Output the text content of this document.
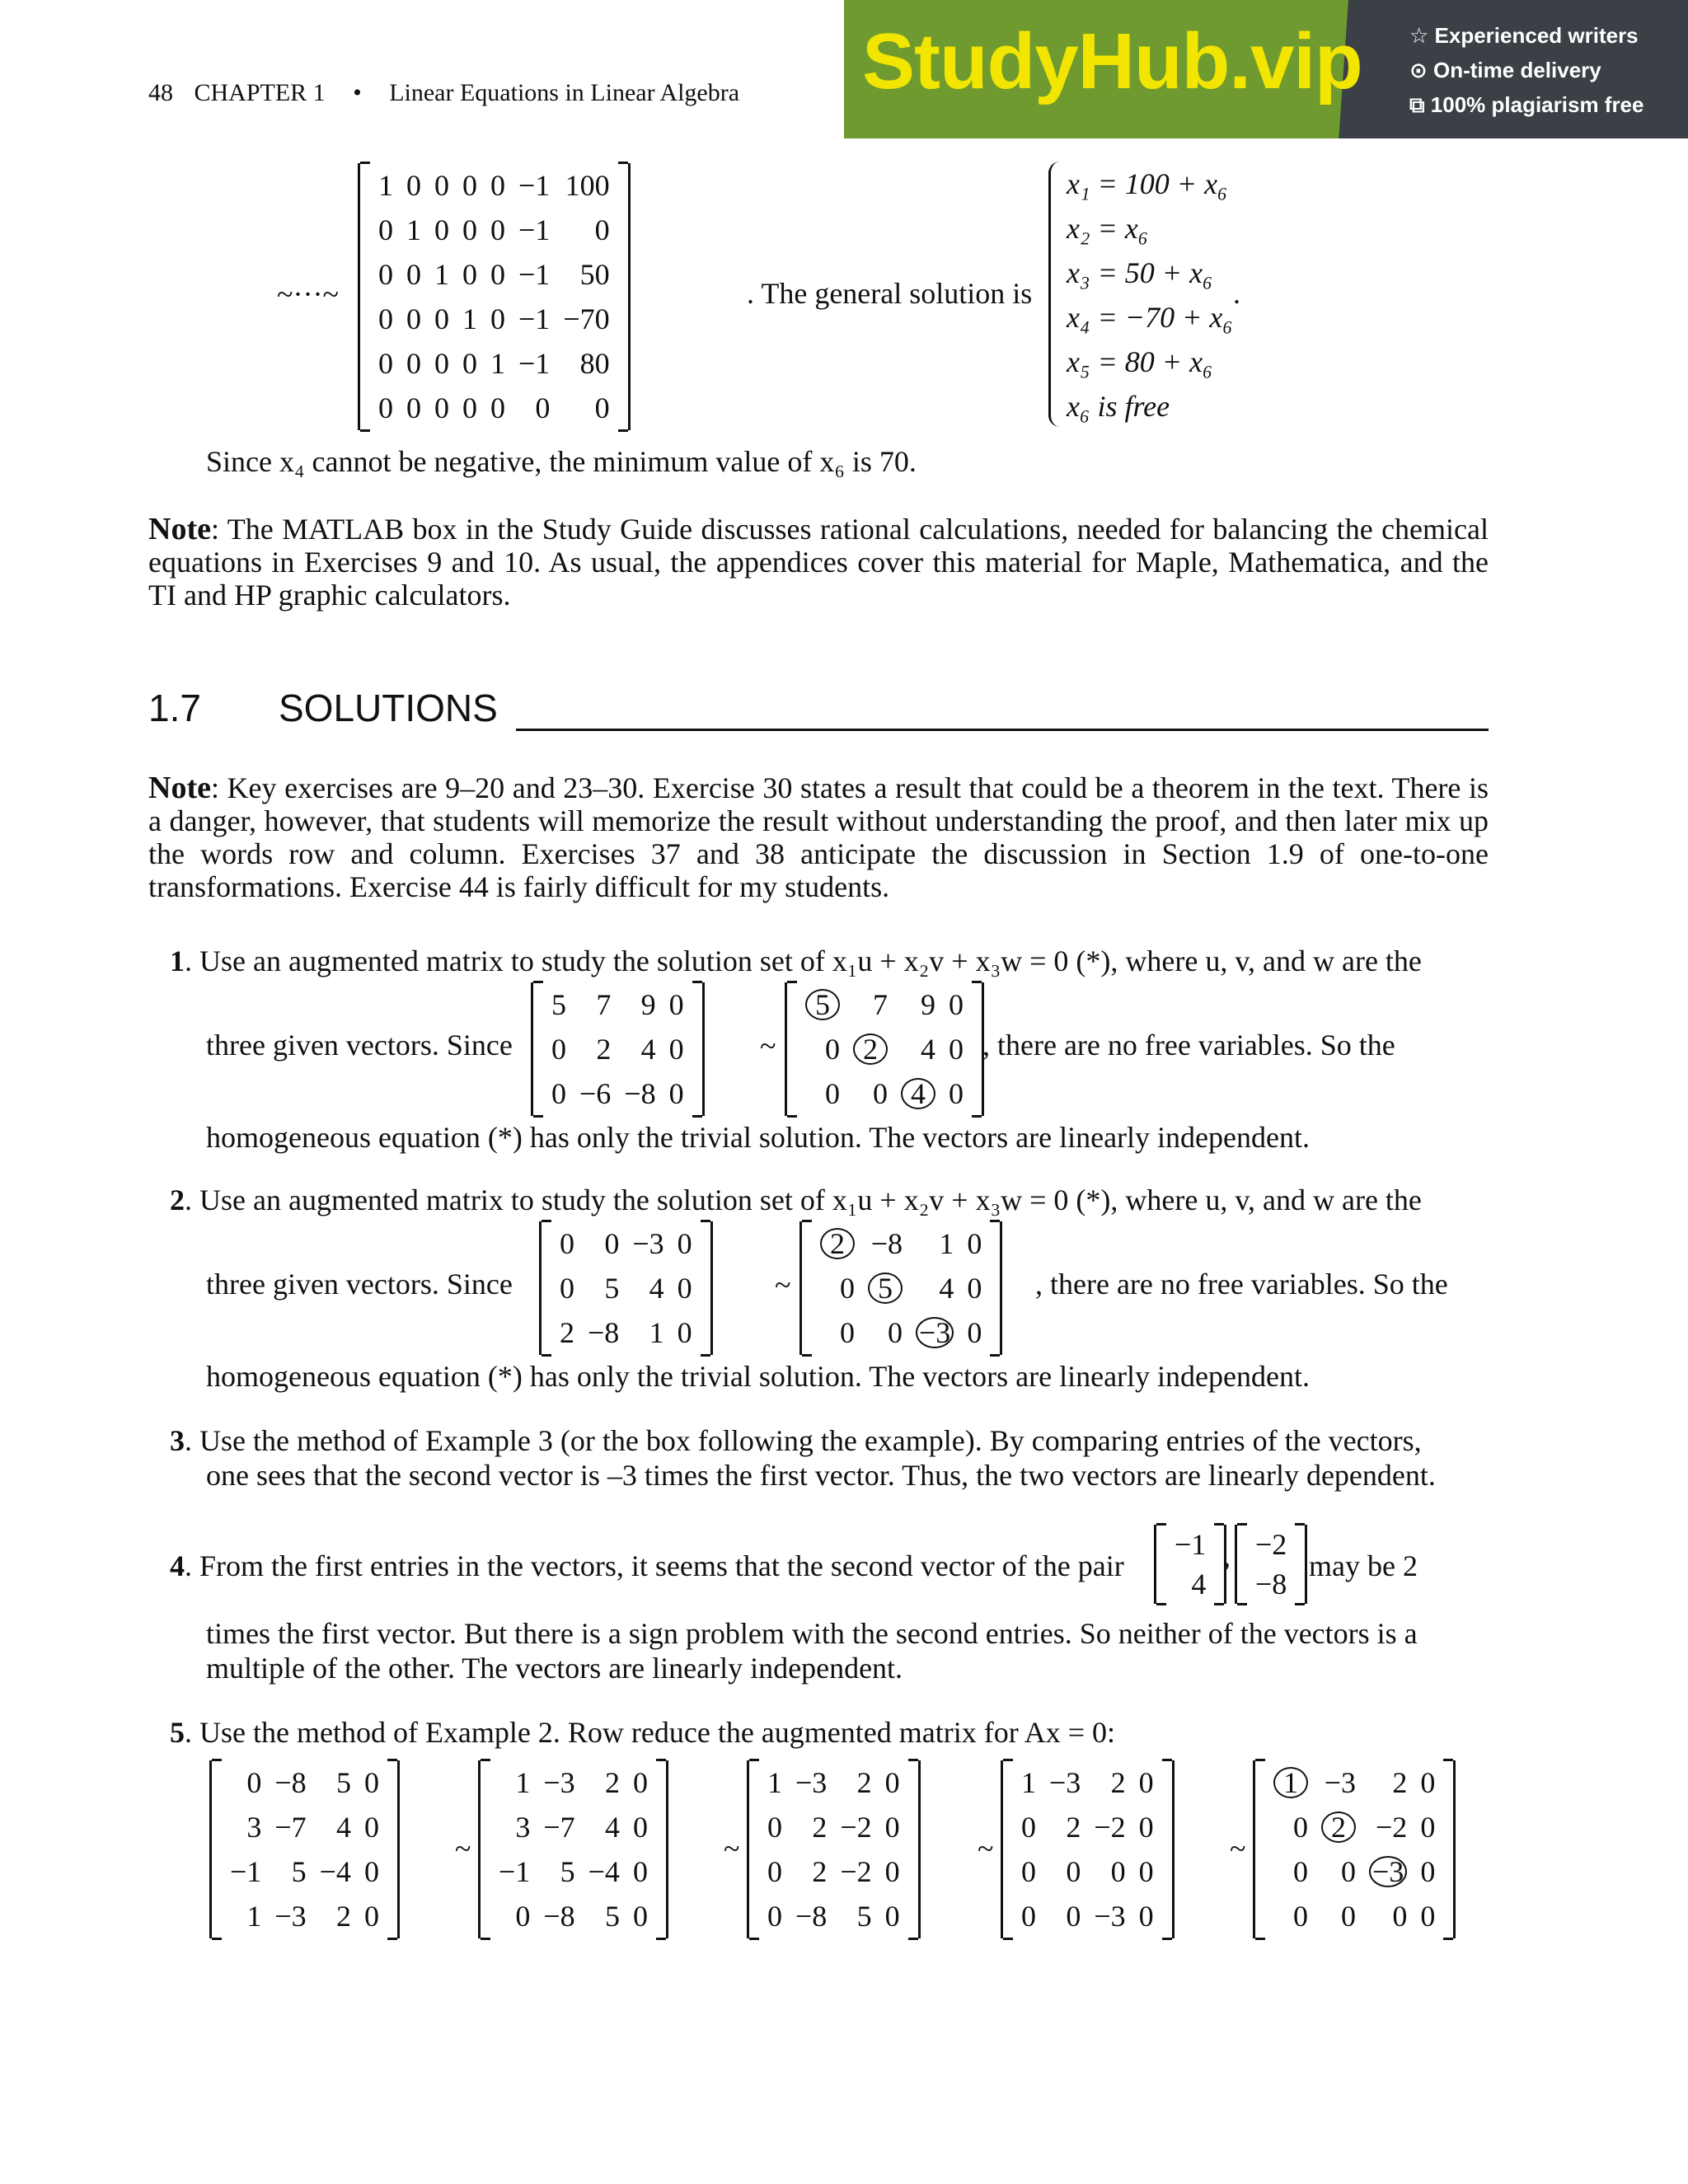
StudyHub.vip ☆ Experienced writers
⊙ On-time delivery
⧉ 100% plagiarism free
48 CHAPTER 1 • Linear Equations in Linear Algebra
~···~
1	0	0	0	0	−1	100
0	1	0	0	0	−1	0
0	0	1	0	0	−1	50
0	0	0	1	0	−1	−70
0	0	0	0	1	−1	80
0	0	0	0	0	0	0
. The general solution is
x₁ = 100 + x₆
x₂ = x₆
x₃ = 50 + x₆
x₄ = −70 + x₆
x₅ = 80 + x₆
x₆ is free
.
Since x₄ cannot be negative, the minimum value of x₆ is 70.
Note: The MATLAB box in the Study Guide discusses rational calculations, needed for balancing the chemical equations in Exercises 9 and 10. As usual, the appendices cover this material for Maple, Mathematica, and the TI and HP graphic calculators.
1.7 SOLUTIONS
Note: Key exercises are 9–20 and 23–30. Exercise 30 states a result that could be a theorem in the text. There is a danger, however, that students will memorize the result without understanding the proof, and then later mix up the words row and column. Exercises 37 and 38 anticipate the discussion in Section 1.9 of one-to-one transformations. Exercise 44 is fairly difficult for my students.
1. Use an augmented matrix to study the solution set of x₁u + x₂v + x₃w = 0 (*), where u, v, and w are the
three given vectors. Since
5	7	9	0
0	2	4	0
0	−6	−8	0
~
5	7	9	0
0	2	4	0
0	0	4	0
, there are no free variables. So the
homogeneous equation (*) has only the trivial solution. The vectors are linearly independent.
2. Use an augmented matrix to study the solution set of x₁u + x₂v + x₃w = 0 (*), where u, v, and w are the
three given vectors. Since
0	0	−3	0
0	5	4	0
2	−8	1	0
~
2	−8	1	0
0	5	4	0
0	0	−3	0
, there are no free variables. So the
homogeneous equation (*) has only the trivial solution. The vectors are linearly independent.
3. Use the method of Example 3 (or the box following the example). By comparing entries of the vectors,
one sees that the second vector is –3 times the first vector. Thus, the two vectors are linearly dependent.
4. From the first entries in the vectors, it seems that the second vector of the pair
−1
4
, −2
−8
may be 2
times the first vector. But there is a sign problem with the second entries. So neither of the vectors is a
multiple of the other. The vectors are linearly independent.
5. Use the method of Example 2. Row reduce the augmented matrix for Ax = 0:
0	−8	5	0
3	−7	4	0
−1	5	−4	0
1	−3	2	0
~
1	−3	2	0
3	−7	4	0
−1	5	−4	0
0	−8	5	0
~
1	−3	2	0
0	2	−2	0
0	2	−2	0
0	−8	5	0
~
1	−3	2	0
0	2	−2	0
0	0	0	0
0	0	−3	0
~
1	−3	2	0
0	2	−2	0
0	0	−3	0
0	0	0	0
